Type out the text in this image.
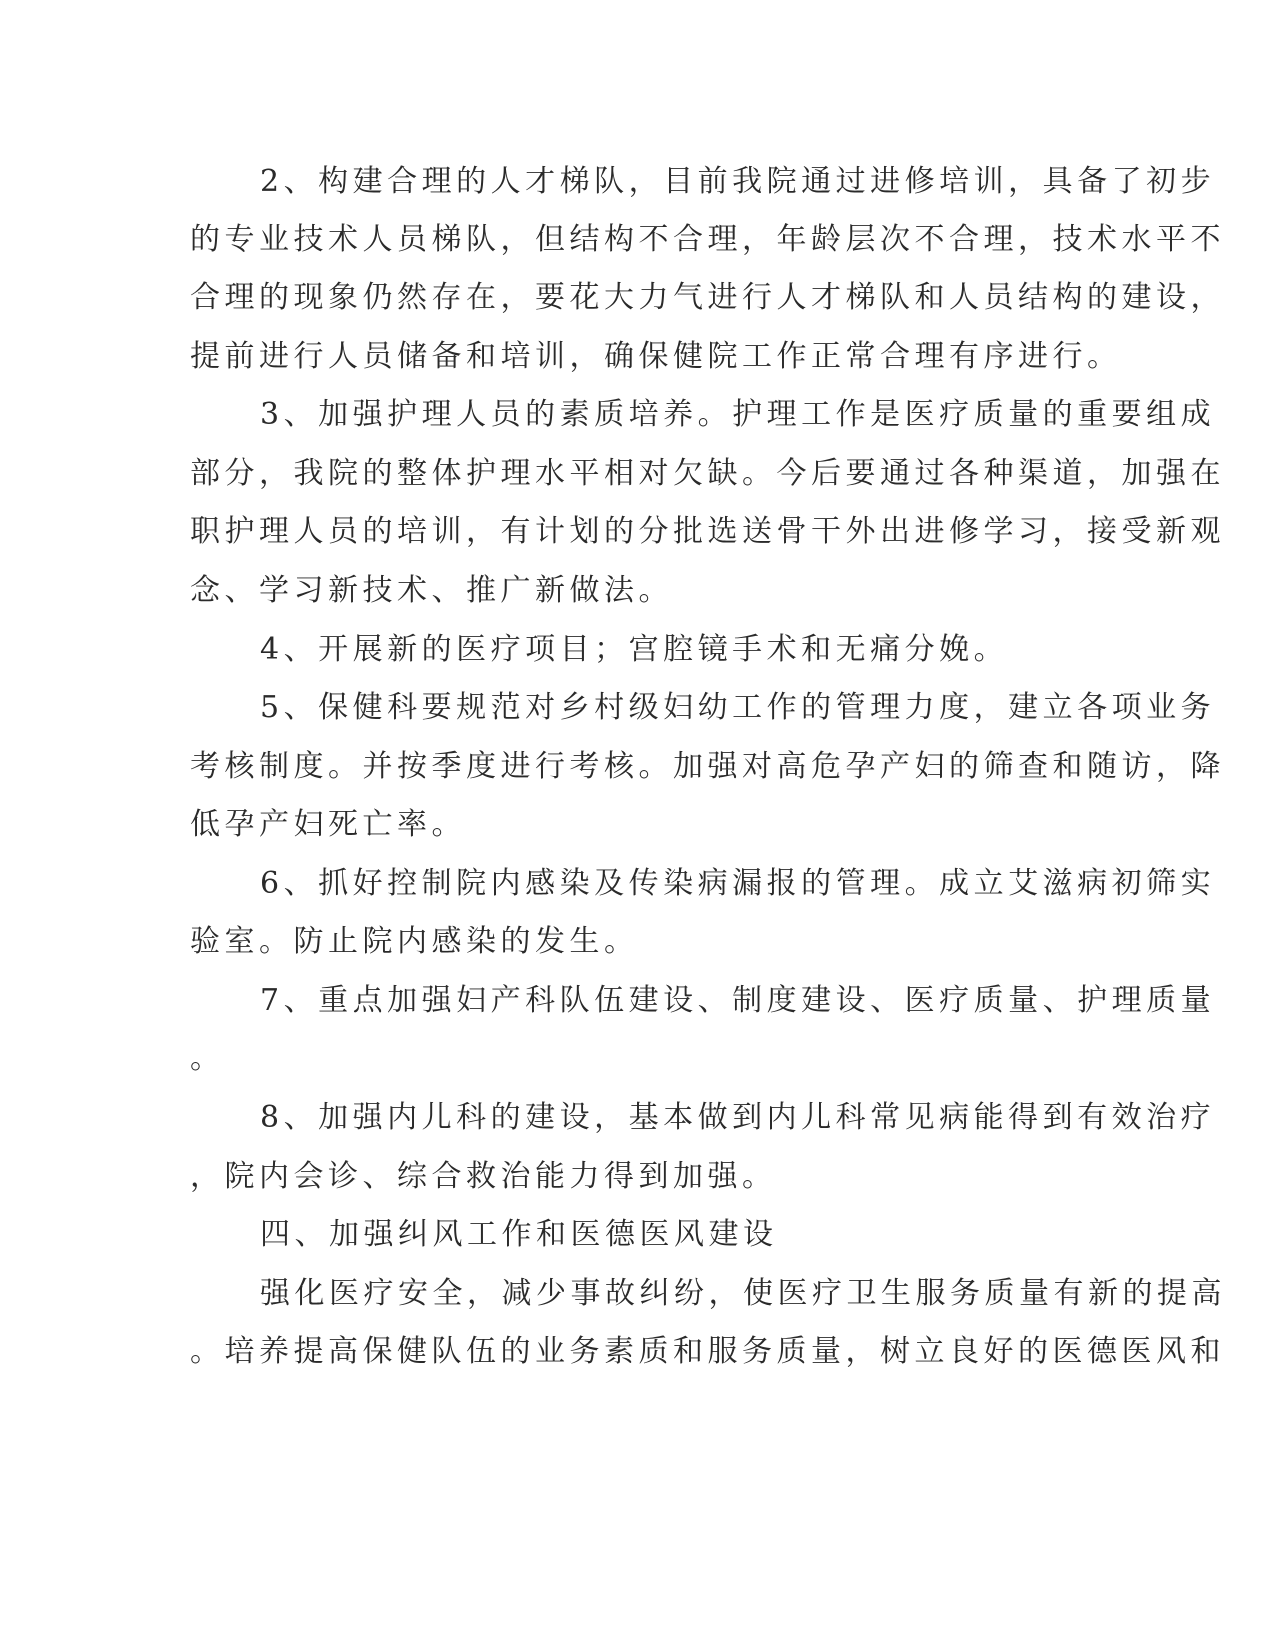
2、构建合理的人才梯队，目前我院通过进修培训，具备了初步

的专业技术人员梯队，但结构不合理，年龄层次不合理，技术水平不

合理的现象仍然存在，要花大力气进行人才梯队和人员结构的建设，

提前进行人员储备和培训，确保健院工作正常合理有序进行。

3、加强护理人员的素质培养。护理工作是医疗质量的重要组成

部分，我院的整体护理水平相对欠缺。今后要通过各种渠道，加强在

职护理人员的培训，有计划的分批选送骨干外出进修学习，接受新观

念、学习新技术、推广新做法。

4、开展新的医疗项目；宫腔镜手术和无痛分娩。

5、保健科要规范对乡村级妇幼工作的管理力度，建立各项业务

考核制度。并按季度进行考核。加强对高危孕产妇的筛查和随访，降

低孕产妇死亡率。

6、抓好控制院内感染及传染病漏报的管理。成立艾滋病初筛实

验室。防止院内感染的发生。

7、重点加强妇产科队伍建设、制度建设、医疗质量、护理质量

。

8、加强内儿科的建设，基本做到内儿科常见病能得到有效治疗

，院内会诊、综合救治能力得到加强。

四、加强纠风工作和医德医风建设

强化医疗安全，减少事故纠纷，使医疗卫生服务质量有新的提高

。培养提高保健队伍的业务素质和服务质量，树立良好的医德医风和
